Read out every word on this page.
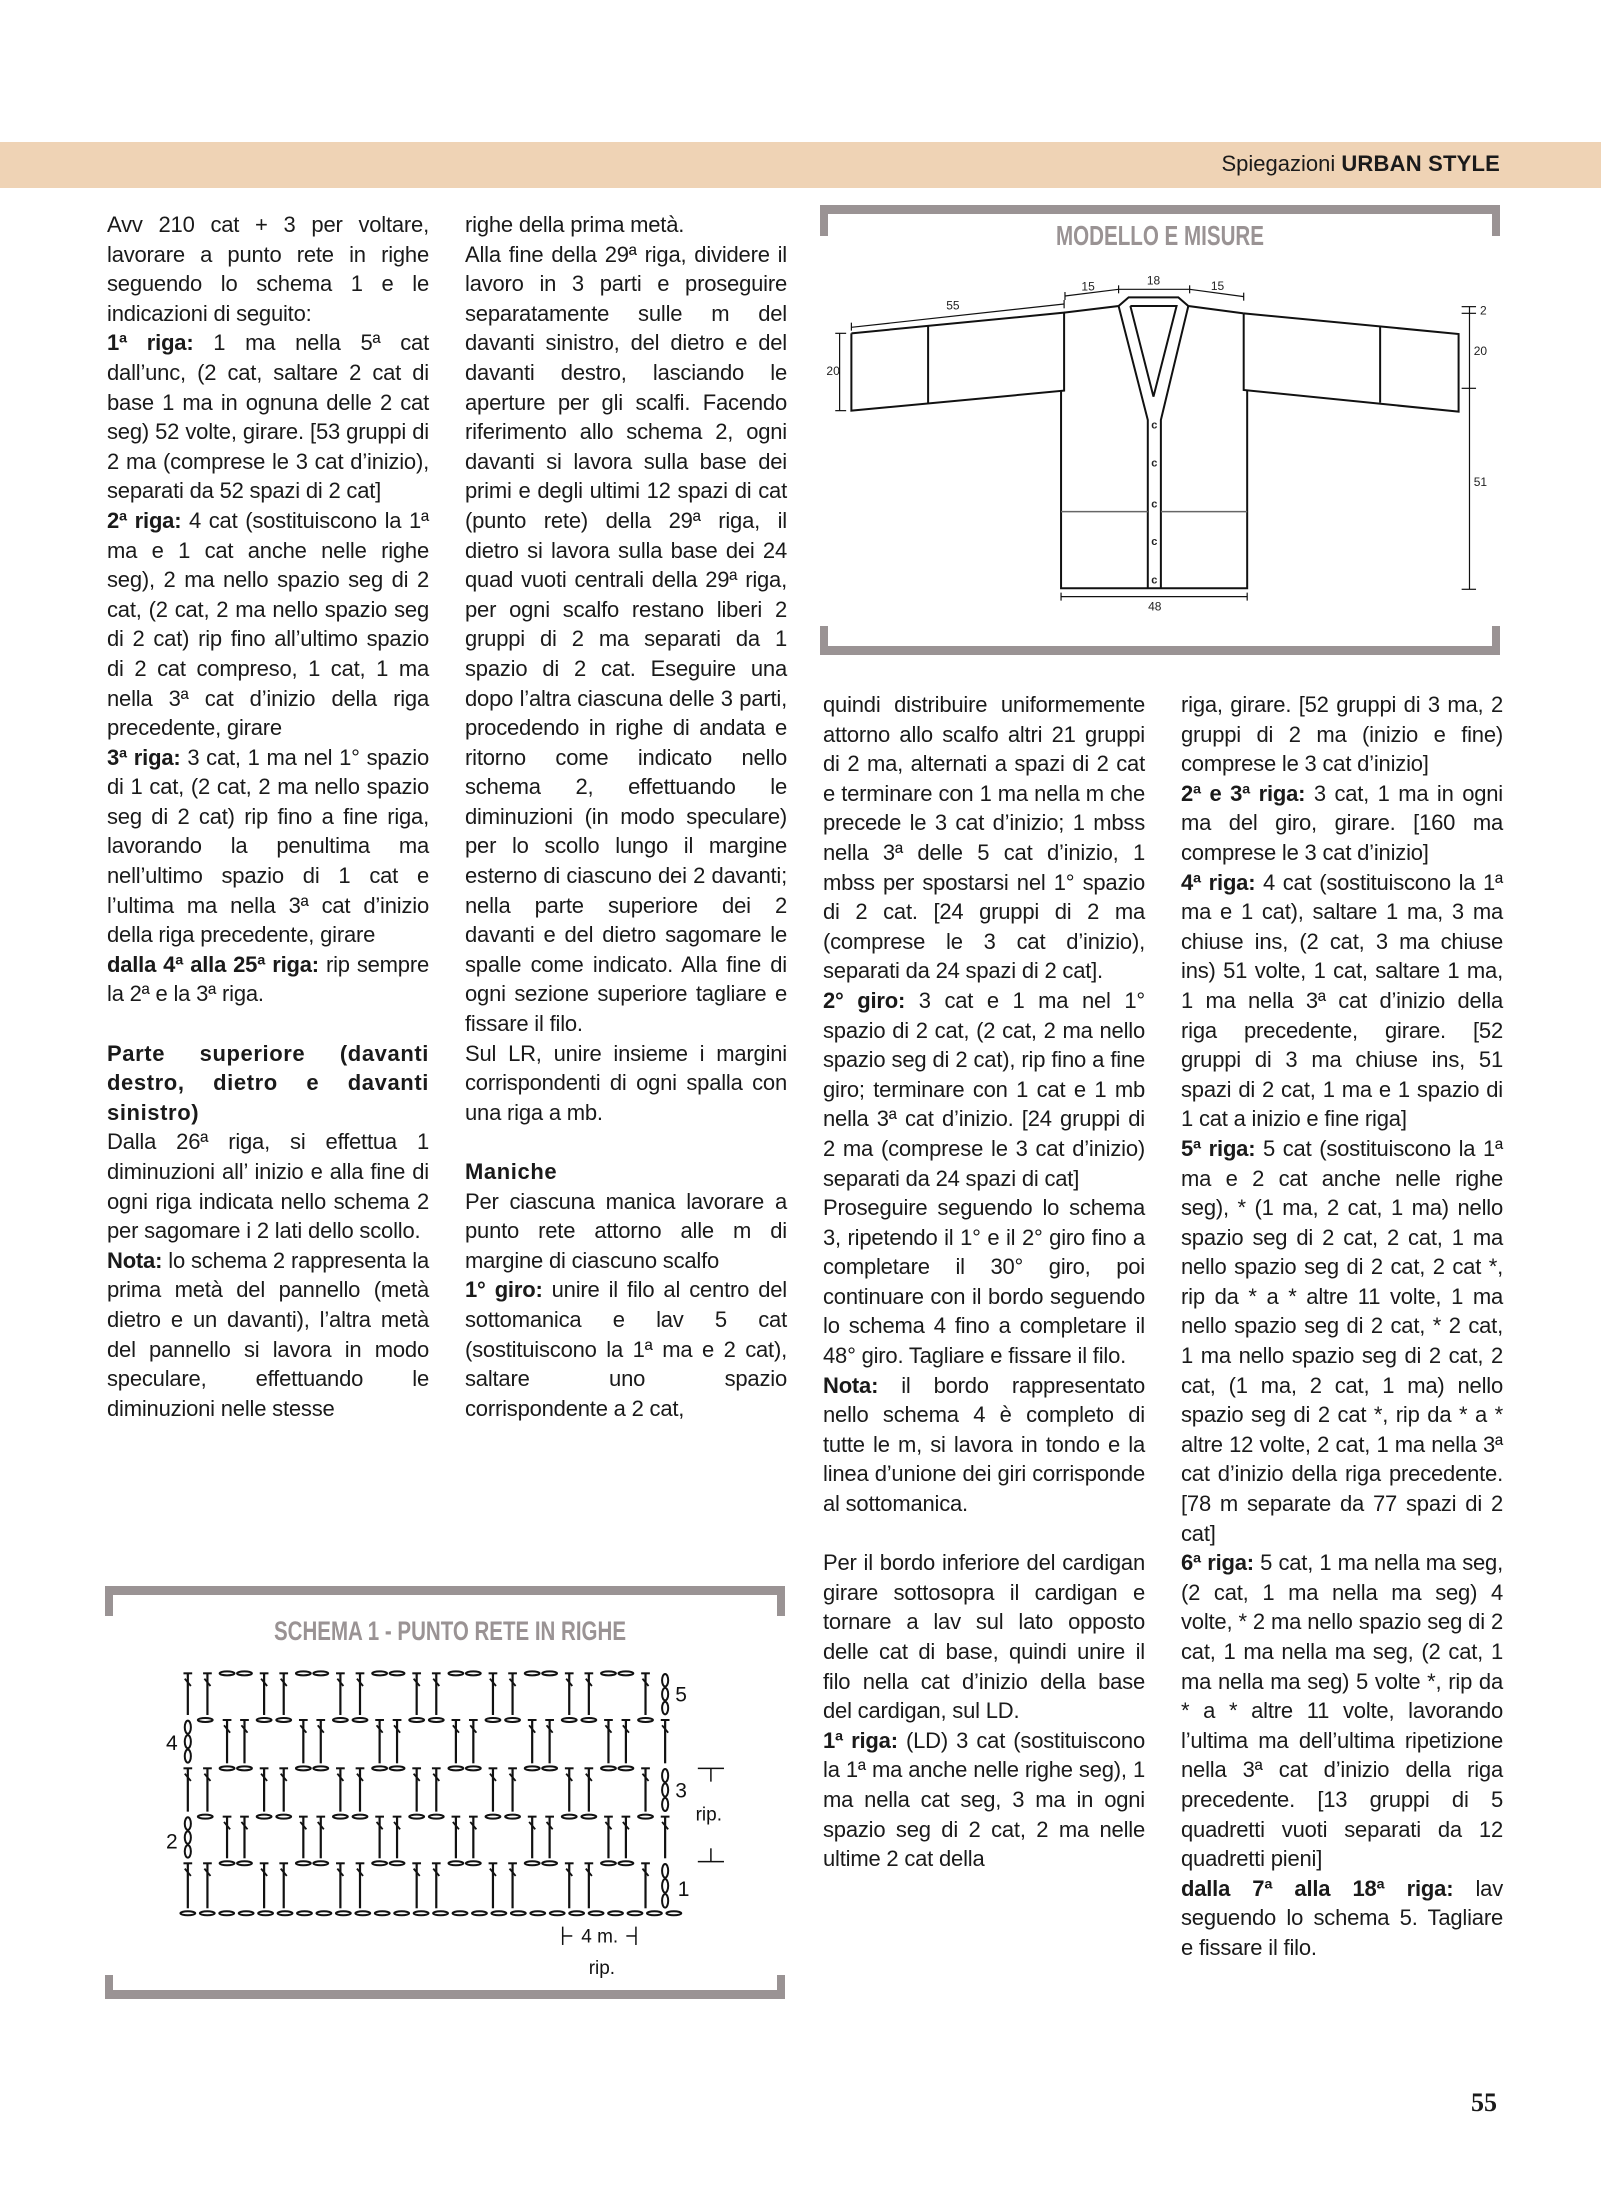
Spiegazioni URBAN STYLE

Avv 210 cat + 3 per voltare, lavorare a punto rete in righe seguendo lo schema 1 e le indicazioni di seguito:

1ª riga: 1 ma nella 5ª cat dall’unc, (2 cat, saltare 2 cat di base 1 ma in ognuna delle 2 cat seg) 52 volte, girare. [53 gruppi di 2 ma (comprese le 3 cat d’inizio), separati da 52 spazi di 2 cat]

2ª riga: 4 cat (sostituiscono la 1ª ma e 1 cat anche nelle righe seg), 2 ma nello spazio seg di 2 cat, (2 cat, 2 ma nello spazio seg di 2 cat) rip fino all’ultimo spazio di 2 cat compreso, 1 cat, 1 ma nella 3ª cat d’inizio della riga precedente, girare

3ª riga: 3 cat, 1 ma nel 1° spazio di 1 cat, (2 cat, 2 ma nello spazio seg di 2 cat) rip fino a fine riga, lavorando la penultima ma nell’ultimo spazio di 1 cat e l’ultima ma nella 3ª cat d’inizio della riga precedente, girare

dalla 4ª alla 25ª riga: rip sempre la 2ª e la 3ª riga.

Parte superiore (davanti destro, dietro e davanti sinistro)

Dalla 26ª riga, si effettua 1 diminuzioni all’ inizio e alla fine di ogni riga indicata nello schema 2 per sagomare i 2 lati dello scollo.

Nota: lo schema 2 rappresenta la prima metà del pannello (metà dietro e un davanti), l’altra metà del pannello si lavora in modo speculare, effettuando le diminuzioni nelle stesse

righe della prima metà.

Alla fine della 29ª riga, dividere il lavoro in 3 parti e proseguire separatamente sulle m del davanti sinistro, del dietro e del davanti destro, lasciando le aperture per gli scalfi. Facendo riferimento allo schema 2, ogni davanti si lavora sulla base dei primi e degli ultimi 12 spazi di cat (punto rete) della 29ª riga, il dietro si lavora sulla base dei 24 quad vuoti centrali della 29ª riga, per ogni scalfo restano liberi 2 gruppi di 2 ma separati da 1 spazio di 2 cat. Eseguire una dopo l’altra ciascuna delle 3 parti, procedendo in righe di andata e ritorno come indicato nello schema 2, effettuando le diminuzioni (in modo speculare) per lo scollo lungo il margine esterno di ciascuno dei 2 davanti; nella parte superiore dei 2 davanti e del dietro sagomare le spalle come indicato. Alla fine di ogni sezione superiore tagliare e fissare il filo.

Sul LR, unire insieme i margini corrispondenti di ogni spalla con una riga a mb.

Maniche

Per ciascuna manica lavorare a punto rete attorno alle m di margine di ciascuno scalfo

1° giro: unire il filo al centro del sottomanica e lav 5 cat (sostituiscono la 1ª ma e 2 cat), saltare uno spazio corrispondente a 2 cat,

quindi distribuire uniformemente attorno allo scalfo altri 21 gruppi di 2 ma, alternati a spazi di 2 cat e terminare con 1 ma nella m che precede le 3 cat d’inizio; 1 mbss nella 3ª delle 5 cat d’inizio, 1 mbss per spostarsi nel 1° spazio di 2 cat. [24 gruppi di 2 ma (comprese le 3 cat d’inizio), separati da 24 spazi di 2 cat].

2° giro: 3 cat e 1 ma nel 1° spazio di 2 cat, (2 cat, 2 ma nello spazio seg di 2 cat), rip fino a fine giro; terminare con 1 cat e 1 mb nella 3ª cat d’inizio. [24 gruppi di 2 ma (comprese le 3 cat d’inizio) separati da 24 spazi di cat]

Proseguire seguendo lo schema 3, ripetendo il 1° e il 2° giro fino a completare il 30° giro, poi continuare con il bordo seguendo lo schema 4 fino a completare il 48° giro. Tagliare e fissare il filo.

Nota: il bordo rappresentato nello schema 4 è completo di tutte le m, si lavora in tondo e la linea d’unione dei giri corrisponde al sottomanica.

Per il bordo inferiore del cardigan girare sottosopra il cardigan e tornare a lav sul lato opposto delle cat di base, quindi unire il filo nella cat d’inizio della base del cardigan, sul LD.

1ª riga: (LD) 3 cat (sostituiscono la 1ª ma anche nelle righe seg), 1 ma nella cat seg, 3 ma in ogni spazio seg di 2 cat, 2 ma nelle ultime 2 cat della

riga, girare. [52 gruppi di 3 ma, 2 gruppi di 2 ma (inizio e fine) comprese le 3 cat d’inizio]

2ª e 3ª riga: 3 cat, 1 ma in ogni ma del giro, girare. [160 ma comprese le 3 cat d’inizio]

4ª riga: 4 cat (sostituiscono la 1ª ma e 1 cat), saltare 1 ma, 3 ma chiuse ins, (2 cat, 3 ma chiuse ins) 51 volte, 1 cat, saltare 1 ma, 1 ma nella 3ª cat d’inizio della riga precedente, girare. [52 gruppi di 3 ma chiuse ins, 51 spazi di 2 cat, 1 ma e 1 spazio di 1 cat a inizio e fine riga]

5ª riga: 5 cat (sostituiscono la 1ª ma e 2 cat anche nelle righe seg), * (1 ma, 2 cat, 1 ma) nello spazio seg di 2 cat, 2 cat, 1 ma nello spazio seg di 2 cat, 2 cat *, rip da * a * altre 11 volte, 1 ma nello spazio seg di 2 cat, * 2 cat, 1 ma nello spazio seg di 2 cat, 2 cat, (1 ma, 2 cat, 1 ma) nello spazio seg di 2 cat *, rip da * a * altre 12 volte, 2 cat, 1 ma nella 3ª cat d’inizio della riga precedente. [78 m separate da 77 spazi di 2 cat]

6ª riga: 5 cat, 1 ma nella ma seg, (2 cat, 1 ma nella ma seg) 4 volte, * 2 ma nello spazio seg di 2 cat, 1 ma nella ma seg, (2 cat, 1 ma nella ma seg) 5 volte *, rip da * a * altre 11 volte, lavorando l’ultima ma dell’ultima ripetizione nella 3ª cat d’inizio della riga precedente. [13 gruppi di 5 quadretti vuoti separati da 12 quadretti pieni]

dalla 7ª alla 18ª riga: lav seguendo lo schema 5. Tagliare e fissare il filo.

MODELLO E MISURE
55
15	18	15
20
2
20
51
48
c
c
c
c
c
SCHEMA 1 - PUNTO RETE IN RIGHE
5
4
3
2
1
rip.
4 m.
rip.
55
